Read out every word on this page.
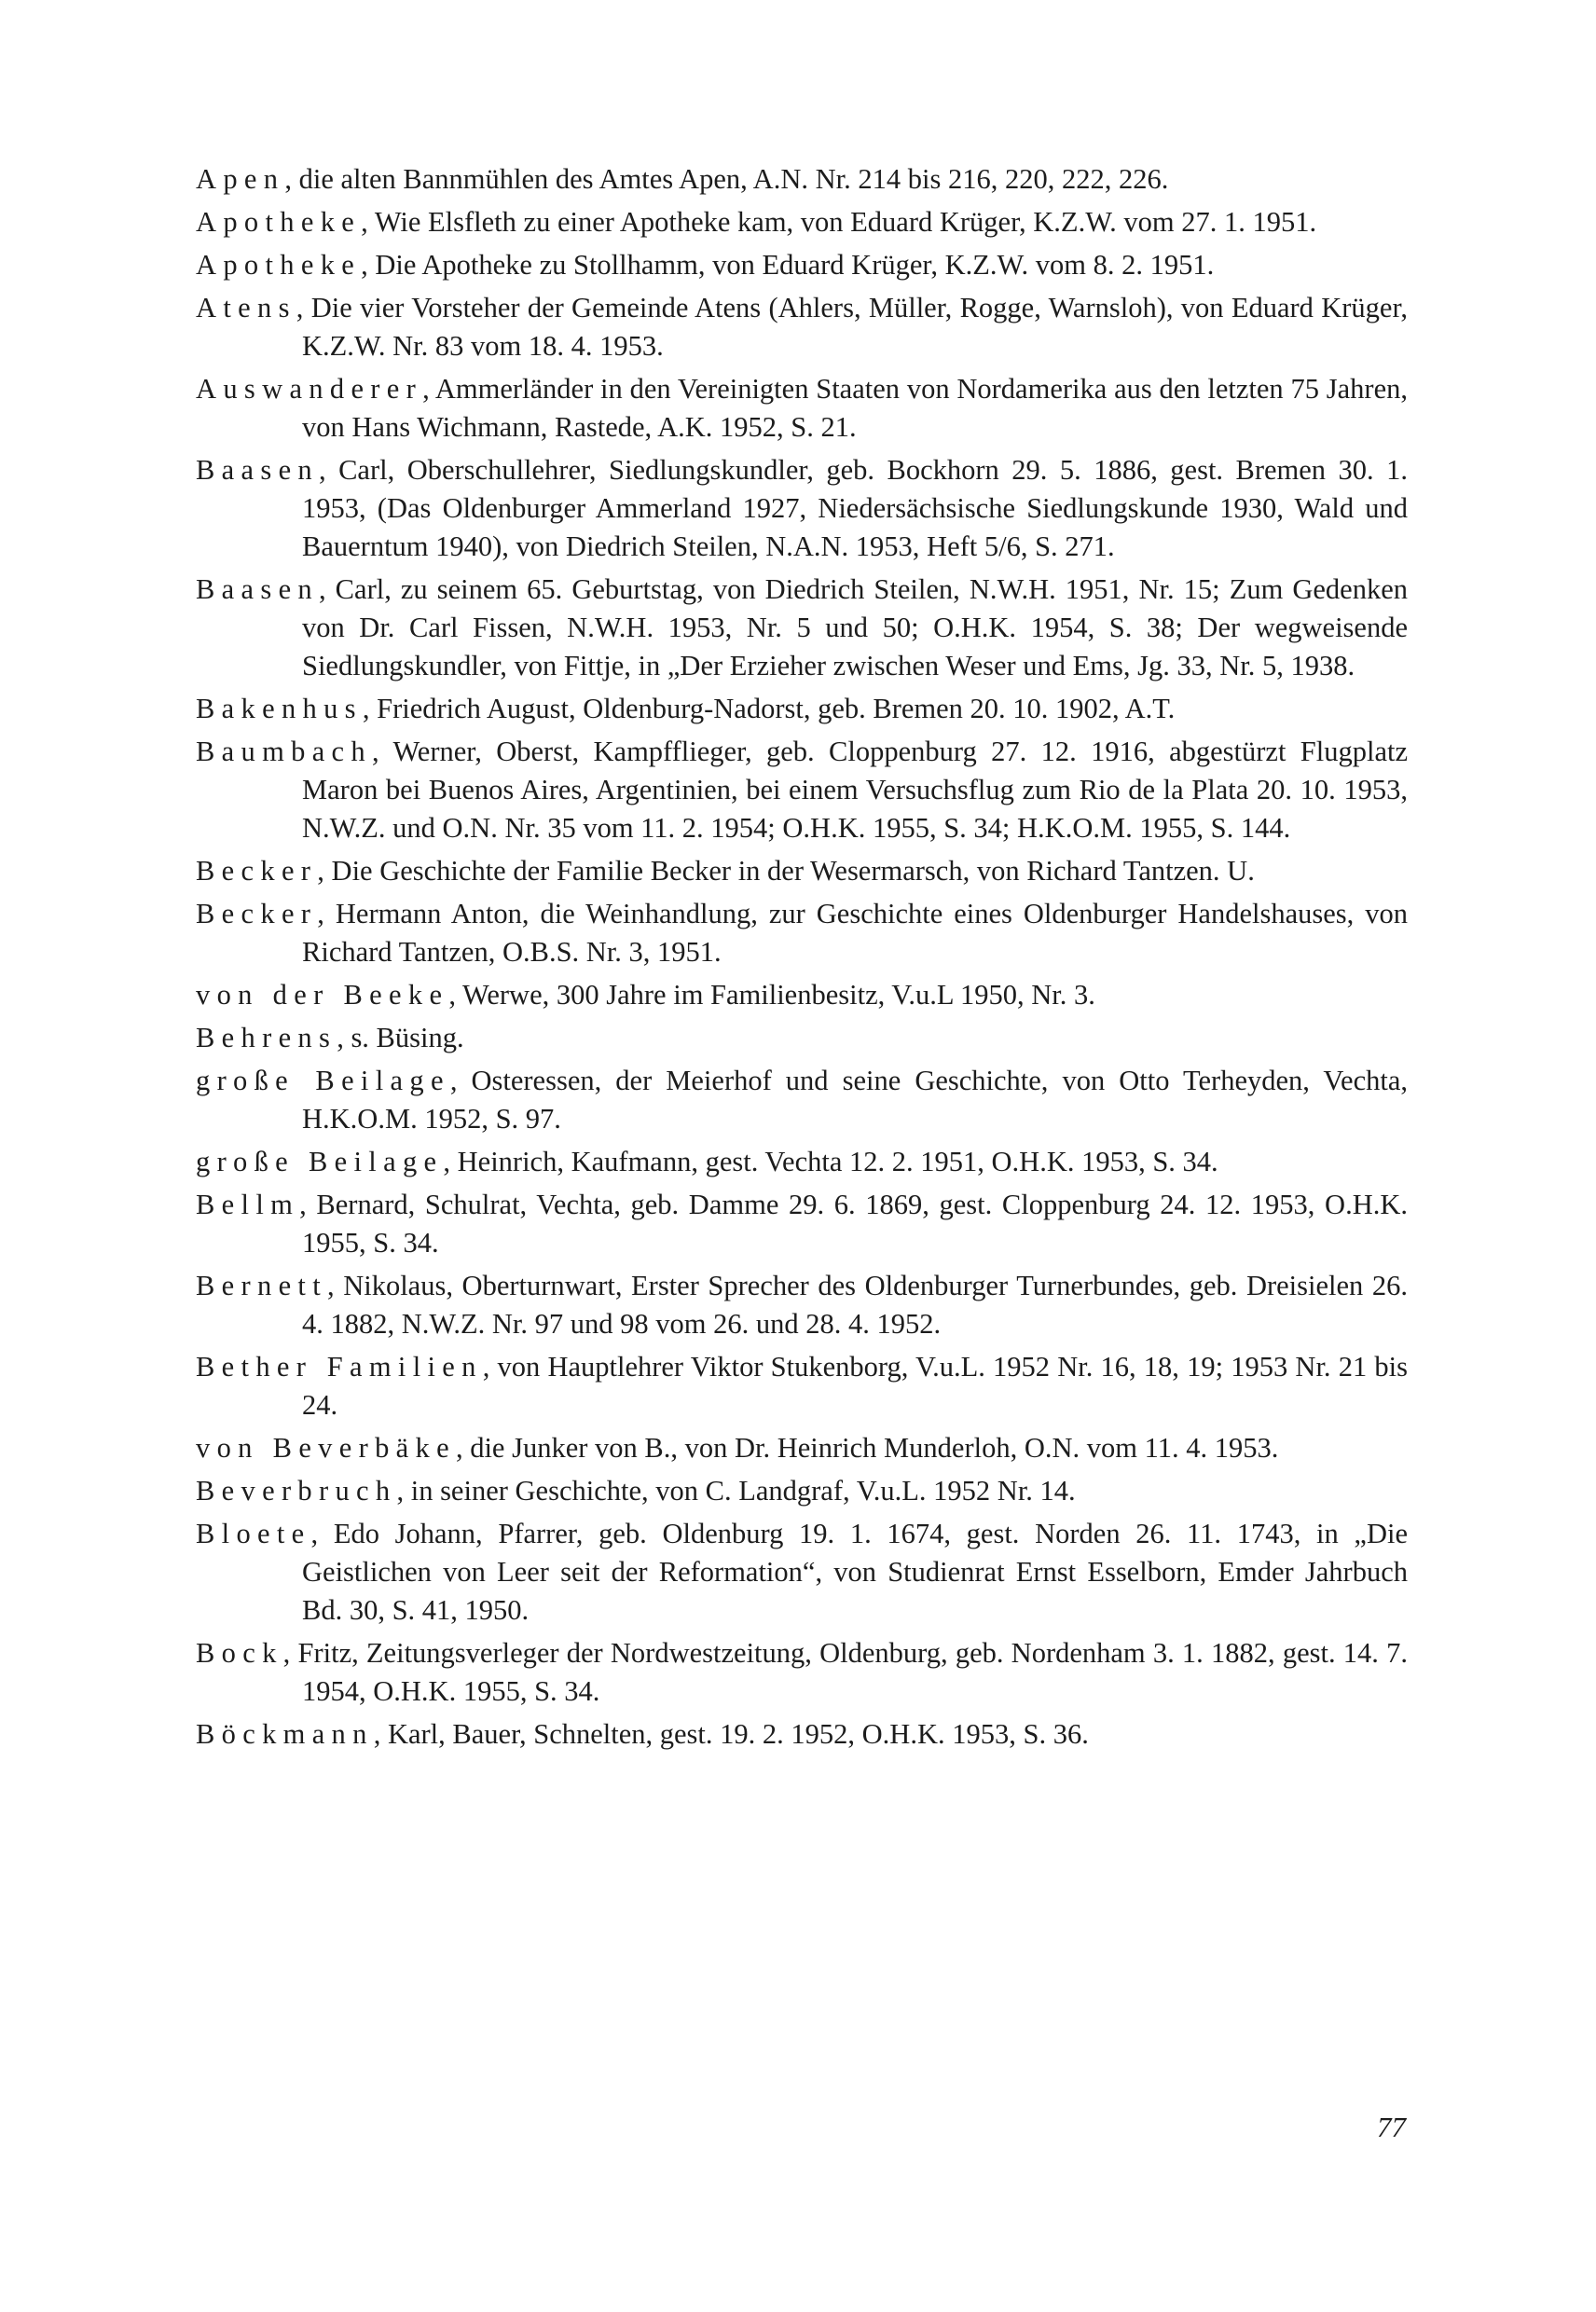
Apen, die alten Bannmühlen des Amtes Apen, A.N. Nr. 214 bis 216, 220, 222, 226.

Apotheke, Wie Elsfleth zu einer Apotheke kam, von Eduard Krüger, K.Z.W. vom 27. 1. 1951.

Apotheke, Die Apotheke zu Stollhamm, von Eduard Krüger, K.Z.W. vom 8. 2. 1951.

Atens, Die vier Vorsteher der Gemeinde Atens (Ahlers, Müller, Rogge, Warnsloh), von Eduard Krüger, K.Z.W. Nr. 83 vom 18. 4. 1953.

Auswanderer, Ammerländer in den Vereinigten Staaten von Nordamerika aus den letzten 75 Jahren, von Hans Wichmann, Rastede, A.K. 1952, S. 21.

Baasen, Carl, Oberschullehrer, Siedlungskundler, geb. Bockhorn 29. 5. 1886, gest. Bremen 30. 1. 1953, (Das Oldenburger Ammerland 1927, Niedersächsische Siedlungskunde 1930, Wald und Bauerntum 1940), von Diedrich Steilen, N.A.N. 1953, Heft 5/6, S. 271.

Baasen, Carl, zu seinem 65. Geburtstag, von Diedrich Steilen, N.W.H. 1951, Nr. 15; Zum Gedenken von Dr. Carl Fissen, N.W.H. 1953, Nr. 5 und 50; O.H.K. 1954, S. 38; Der wegweisende Siedlungskundler, von Fittje, in „Der Erzieher zwischen Weser und Ems, Jg. 33, Nr. 5, 1938.

Bakenhus, Friedrich August, Oldenburg-Nadorst, geb. Bremen 20. 10. 1902, A.T.

Baumbach, Werner, Oberst, Kampfflieger, geb. Cloppenburg 27. 12. 1916, abgestürzt Flugplatz Maron bei Buenos Aires, Argentinien, bei einem Versuchsflug zum Rio de la Plata 20. 10. 1953, N.W.Z. und O.N. Nr. 35 vom 11. 2. 1954; O.H.K. 1955, S. 34; H.K.O.M. 1955, S. 144.

Becker, Die Geschichte der Familie Becker in der Wesermarsch, von Richard Tantzen. U.

Becker, Hermann Anton, die Weinhandlung, zur Geschichte eines Oldenburger Handelshauses, von Richard Tantzen, O.B.S. Nr. 3, 1951.

von der Beeke, Werwe, 300 Jahre im Familienbesitz, V.u.L 1950, Nr. 3.

Behrens, s. Büsing.

große Beilage, Osteressen, der Meierhof und seine Geschichte, von Otto Terheyden, Vechta, H.K.O.M. 1952, S. 97.

große Beilage, Heinrich, Kaufmann, gest. Vechta 12. 2. 1951, O.H.K. 1953, S. 34.

Bellm, Bernard, Schulrat, Vechta, geb. Damme 29. 6. 1869, gest. Cloppenburg 24. 12. 1953, O.H.K. 1955, S. 34.

Bernett, Nikolaus, Oberturnwart, Erster Sprecher des Oldenburger Turnerbundes, geb. Dreisielen 26. 4. 1882, N.W.Z. Nr. 97 und 98 vom 26. und 28. 4. 1952.

Bether Familien, von Hauptlehrer Viktor Stukenborg, V.u.L. 1952 Nr. 16, 18, 19; 1953 Nr. 21 bis 24.

von Beverbäke, die Junker von B., von Dr. Heinrich Munderloh, O.N. vom 11. 4. 1953.

Beverbruch, in seiner Geschichte, von C. Landgraf, V.u.L. 1952 Nr. 14.

Bloete, Edo Johann, Pfarrer, geb. Oldenburg 19. 1. 1674, gest. Norden 26. 11. 1743, in „Die Geistlichen von Leer seit der Reformation“, von Studienrat Ernst Esselborn, Emder Jahrbuch Bd. 30, S. 41, 1950.

Bock, Fritz, Zeitungsverleger der Nordwestzeitung, Oldenburg, geb. Nordenham 3. 1. 1882, gest. 14. 7. 1954, O.H.K. 1955, S. 34.

Böckmann, Karl, Bauer, Schnelten, gest. 19. 2. 1952, O.H.K. 1953, S. 36.

77
